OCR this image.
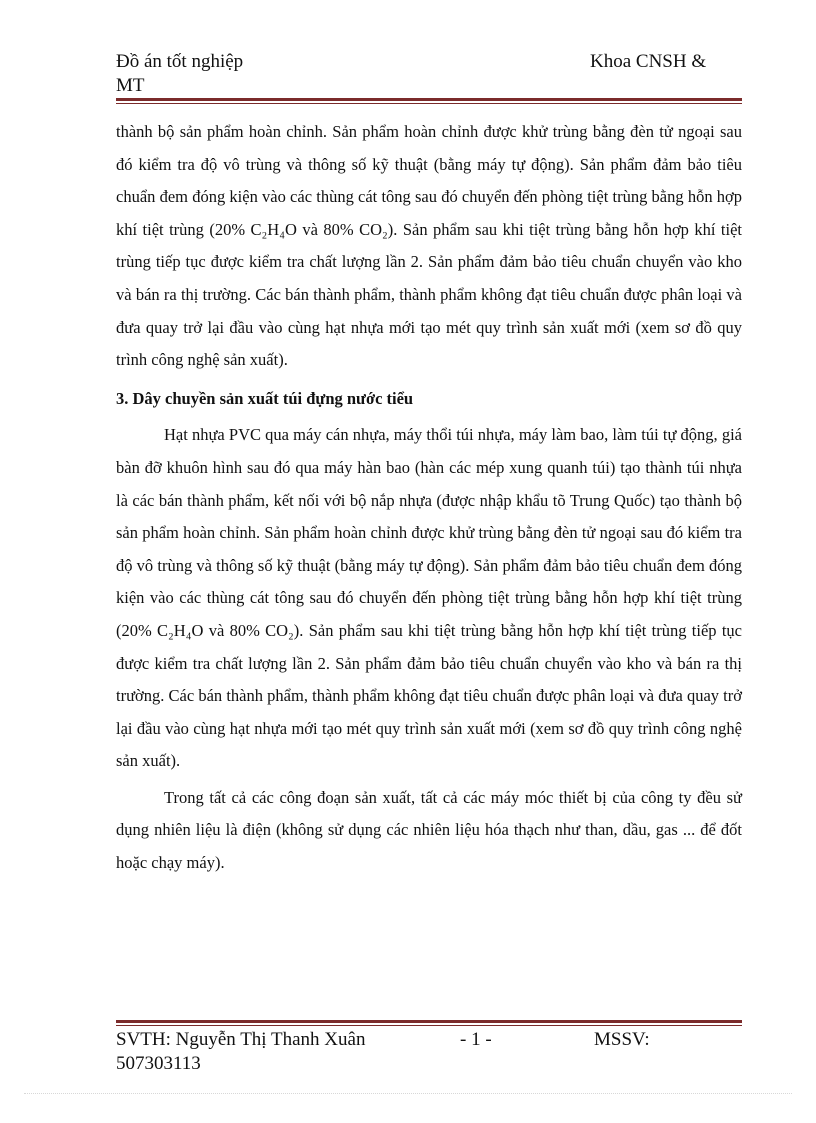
Đồ án tốt nghiệp	Khoa CNSH &
MT

thành bộ sản phẩm hoàn chỉnh. Sản phẩm hoàn chỉnh được khử trùng bằng đèn tử ngoại sau đó kiểm tra độ vô trùng và thông số kỹ thuật (bằng máy tự động). Sản phẩm đảm bảo tiêu chuẩn đem đóng kiện vào các thùng cát tông sau đó chuyển đến phòng tiệt trùng bằng hỗn hợp khí tiệt trùng (20% C₂H₄O và 80% CO₂). Sản phẩm sau khi tiệt trùng bằng hỗn hợp khí tiệt trùng tiếp tục được kiểm tra chất lượng lần 2. Sản phẩm đảm bảo tiêu chuẩn chuyển vào kho và bán ra thị trường. Các bán thành phẩm, thành phẩm không đạt tiêu chuẩn được phân loại và đưa quay trở lại đầu vào cùng hạt nhựa mới tạo mét quy trình sản xuất mới (xem sơ đồ quy trình công nghệ sản xuất).

3. Dây chuyền sản xuất túi đựng nước tiểu

Hạt nhựa PVC qua máy cán nhựa, máy thổi túi nhựa, máy làm bao, làm túi tự động, giá bàn đỡ khuôn hình sau đó qua máy hàn bao (hàn các mép xung quanh túi) tạo thành túi nhựa là các bán thành phẩm, kết nối với bộ nắp nhựa (được nhập khẩu tõ Trung Quốc) tạo thành bộ sản phẩm hoàn chỉnh. Sản phẩm hoàn chỉnh được khử trùng bằng đèn tử ngoại sau đó kiểm tra độ vô trùng và thông số kỹ thuật (bằng máy tự động). Sản phẩm đảm bảo tiêu chuẩn đem đóng kiện vào các thùng cát tông sau đó chuyển đến phòng tiệt trùng bằng hỗn hợp khí tiệt trùng (20% C₂H₄O và 80% CO₂). Sản phẩm sau khi tiệt trùng bằng hỗn hợp khí tiệt trùng tiếp tục được kiểm tra chất lượng lần 2. Sản phẩm đảm bảo tiêu chuẩn chuyển vào kho và bán ra thị trường. Các bán thành phẩm, thành phẩm không đạt tiêu chuẩn được phân loại và đưa quay trở lại đầu vào cùng hạt nhựa mới tạo mét quy trình sản xuất mới (xem sơ đồ quy trình công nghệ sản xuất).

Trong tất cả các công đoạn sản xuất, tất cả các máy móc thiết bị của công ty đều sử dụng nhiên liệu là điện (không sử dụng các nhiên liệu hóa thạch như than, dầu, gas ... để đốt hoặc chạy máy).

SVTH: Nguyễn Thị Thanh Xuân	- 1 -	MSSV:
507303113
